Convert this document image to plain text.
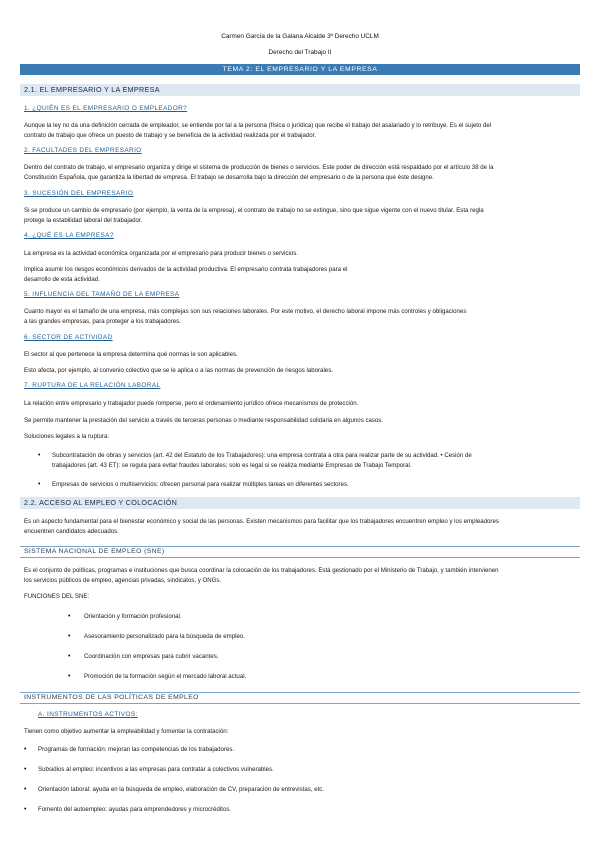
Carmen García de la Galana Alcalde 3º Derecho UCLM
Derecho del Trabajo II
TEMA 2: EL EMPRESARIO Y LA EMPRESA
2.1. EL EMPRESARIO Y LA EMPRESA
1. ¿QUIÉN ES EL EMPRESARIO O EMPLEADOR?
Aunque la ley no da una definición cerrada de empleador, se entiende por tal a la persona (física o jurídica) que recibe el trabajo del asalariado y lo retribuye. Es el sujeto del
contrato de trabajo que ofrece un puesto de trabajo y se beneficia de la actividad realizada por el trabajador.
2. FACULTADES DEL EMPRESARIO
Dentro del contrato de trabajo, el empresario organiza y dirige el sistema de producción de bienes o servicios. Este poder de dirección está respaldado por el artículo 38 de la
Constitución Española, que garantiza la libertad de empresa. El trabajo se desarrolla bajo la dirección del empresario o de la persona que éste designe.
3. SUCESIÓN DEL EMPRESARIO
Si se produce un cambio de empresario (por ejemplo, la venta de la empresa), el contrato de trabajo no se extingue, sino que sigue vigente con el nuevo titular. Esta regla
protege la estabilidad laboral del trabajador.
4. ¿QUÉ ES LA EMPRESA?
La empresa es la actividad económica organizada por el empresario para producir bienes o servicios.
Implica asumir los riesgos económicos derivados de la actividad productiva. El empresario contrata trabajadores para el
desarrollo de esta actividad.
5. INFLUENCIA DEL TAMAÑO DE LA EMPRESA
Cuanto mayor es el tamaño de una empresa, más complejas son sus relaciones laborales. Por este motivo, el derecho laboral impone más controles y obligaciones
a las grandes empresas, para proteger a los trabajadores.
6. SECTOR DE ACTIVIDAD
El sector al que pertenece la empresa determina qué normas le son aplicables.
Esto afecta, por ejemplo, al convenio colectivo que se le aplica o a las normas de prevención de riesgos laborales.
7. RUPTURA DE LA RELACIÓN LABORAL
La relación entre empresario y trabajador puede romperse, pero el ordenamiento jurídico ofrece mecanismos de protección.
Se permite mantener la prestación del servicio a través de terceras personas o mediante responsabilidad solidaria en algunos casos.
Soluciones legales a la ruptura:
• Subcontratación de obras y servicios (art. 42 del Estatuto de los Trabajadores): una empresa contrata a otra para realizar parte de su actividad. • Cesión de
trabajadores (art. 43 ET): se regula para evitar fraudes laborales; solo es legal si se realiza mediante Empresas de Trabajo Temporal.
• Empresas de servicios o multiservicios: ofrecen personal para realizar múltiples tareas en diferentes sectores.
2.2. ACCESO AL EMPLEO Y COLOCACIÓN
Es un aspecto fundamental para el bienestar económico y social de las personas. Existen mecanismos para facilitar que los trabajadores encuentren empleo y los empleadores
encuentren candidatos adecuados.
SISTEMA NACIONAL DE EMPLEO (SNE)
Es el conjunto de políticas, programas e instituciones que busca coordinar la colocación de los trabajadores. Está gestionado por el Ministerio de Trabajo, y también intervienen
los servicios públicos de empleo, agencias privadas, sindicatos, y ONGs.
FUNCIONES DEL SNE:
• Orientación y formación profesional.
• Asesoramiento personalizado para la búsqueda de empleo.
• Coordinación con empresas para cubrir vacantes.
• Promoción de la formación según el mercado laboral actual.
INSTRUMENTOS DE LAS POLÍTICAS DE EMPLEO
A. INSTRUMENTOS ACTIVOS:
Tienen como objetivo aumentar la empleabilidad y fomentar la contratación:
• Programas de formación: mejoran las competencias de los trabajadores.
• Subsidios al empleo: incentivos a las empresas para contratar a colectivos vulnerables.
• Orientación laboral: ayuda en la búsqueda de empleo, elaboración de CV, preparación de entrevistas, etc.
• Fomento del autoempleo: ayudas para emprendedores y microcréditos.
